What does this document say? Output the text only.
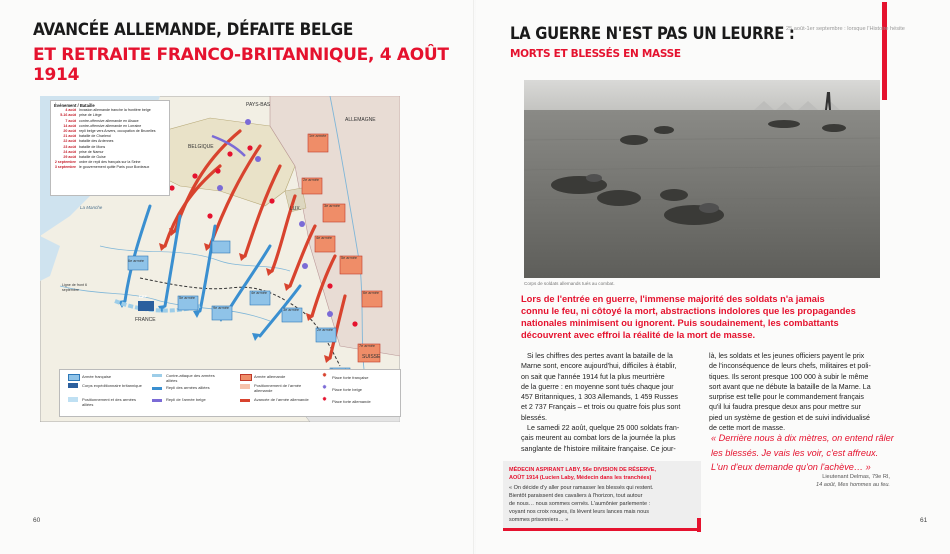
AVANCÉE ALLEMANDE, DÉFAITE BELGE
ET RETRAITE FRANCO-BRITANNIQUE, 4 AOÛT 1914
PAYS-BAS
ALLEMAGNE
BELGIQUE
LUX.
FRANCE
SUISSE
La Manche
Événement / Bataille
4 août Invasion allemande tranche la frontière belge
5-16 août prise de Liège
7 août contre-offensive allemande en Alsace
14 août contre-offensive allemande en Lorraine
20 août repli belge vers Anvers, occupation de Bruxelles
21 août bataille de Charleroi
22 août bataille des Ardennes
23 août bataille de Mons
24 août prise de Namur
29 août bataille de Guise
2 septembre ordre de repli des français sur la Seine
3 septembre le gouvernement quitte Paris pour Bordeaux
6e armée
BEF	5e armée
9e armée
4e armée
3e armée
2e armée
1re armée
2e armée
3e armée
4e armée
5e armée
6e armée
7e armée
Ligne de front 6 septembre
Armée française
Corps expéditionnaire britannique
Positionnement et des armées alliées
Contre-attaque des armées alliées
Repli des armées alliées
Repli de l'armée belge
Armée allemande
Positionnement de l'armée allemande
Avancée de l'armée allemande
✸ Place forte française
✸ Place forte belge
✸ Place forte allemande
60
25 août-1er septembre : lorsque l'Histoire hésite
LA GUERRE N'EST PAS UN LEURRE :
MORTS ET BLESSÉS EN MASSE
Corps de soldats allemands tués au combat.
Lors de l'entrée en guerre, l'immense majorité des soldats n'a jamais
connu le feu, ni côtoyé la mort, abstractions indolores que les propagandes
nationales minimisent ou ignorent. Puis soudainement, les combattants
découvrent avec effroi la réalité de la mort de masse.
Si les chiffres des pertes avant la bataille de la
Marne sont, encore aujourd'hui, difficiles à établir,
on sait que l'année 1914 fut la plus meurtrière
de la guerre : en moyenne sont tués chaque jour
457 Britanniques, 1 303 Allemands, 1 459 Russes
et 2 737 Français – et trois ou quatre fois plus sont
blessés.
Le samedi 22 août, quelque 25 000 soldats fran-
çais meurent au combat lors de la journée la plus
sanglante de l'histoire militaire française. Ce jour-
là, les soldats et les jeunes officiers payent le prix
de l'inconséquence de leurs chefs, militaires et poli-
tiques. Ils seront presque 100 000 à subir le même
sort avant que ne débute la bataille de la Marne. La
surprise est telle pour le commandement français
qu'il lui faudra presque deux ans pour mettre sur
pied un système de gestion et de suivi individualisé
de cette mort de masse.
« Derrière nous à dix mètres, on entend râler
les blessés. Je vais les voir, c'est affreux.
L'un d'eux demande qu'on l'achève… »
Lieutenant Delmas, 79e RI,
14 août, Mes hommes au feu.
MÉDECIN ASPIRANT LABY, 56e DIVISION DE RÉSERVE,
AOÛT 1914 (Lucien Laby, Médecin dans les tranchées)
« On décide d'y aller pour ramasser les blessés qui restent.
Bientôt paraissent des cavaliers à l'horizon, tout autour
de nous… nous sommes cernés. L'aumônier parlemente :
voyant nos croix rouges, ils lèvent leurs lances mais nous
sommes prisonniers… »	61
